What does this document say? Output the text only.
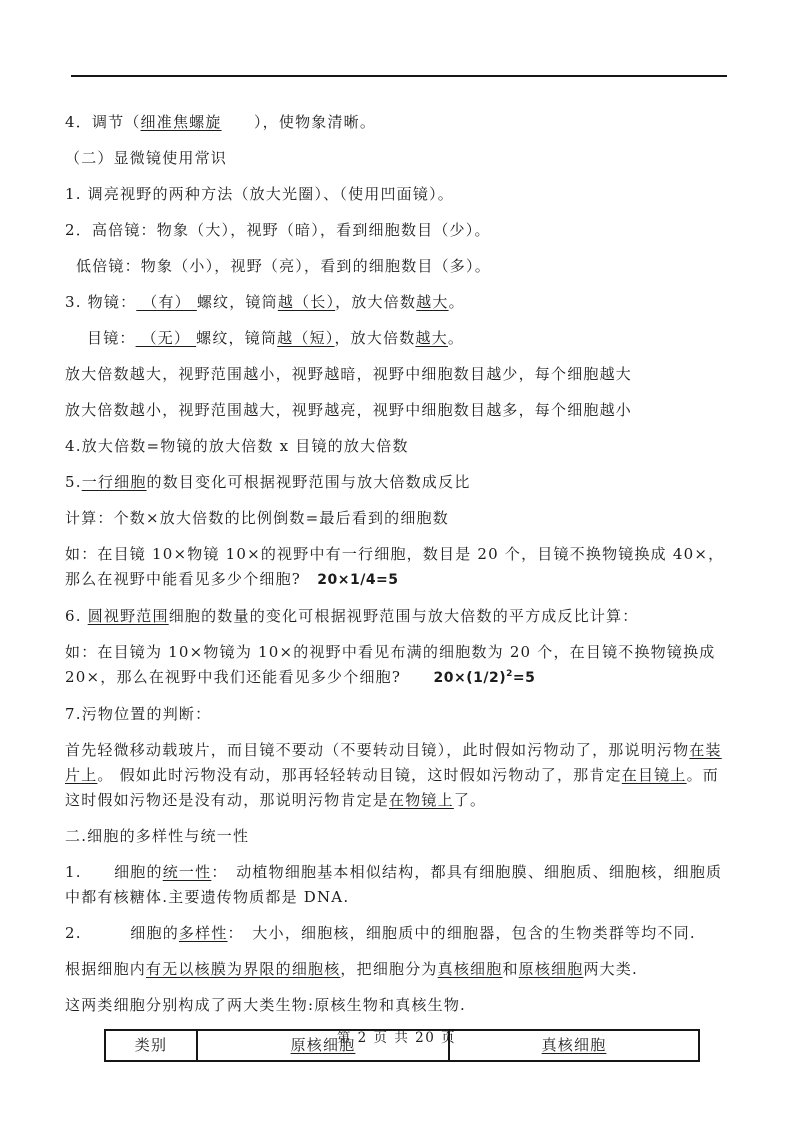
4．调节（细准焦螺旋　　），使物象清晰。

（二）显微镜使用常识

1. 调亮视野的两种方法（放大光圈）、（使用凹面镜）。

2．高倍镜：物象（大），视野（暗），看到细胞数目（少）。

低倍镜：物象（小），视野（亮），看到的细胞数目（多）。

3. 物镜： （有） 螺纹，镜筒越（长），放大倍数越大。

目镜： （无） 螺纹，镜筒越（短），放大倍数越大。

放大倍数越大，视野范围越小，视野越暗，视野中细胞数目越少，每个细胞越大

放大倍数越小，视野范围越大，视野越亮，视野中细胞数目越多，每个细胞越小

4.放大倍数=物镜的放大倍数 x 目镜的放大倍数

5.一行细胞的数目变化可根据视野范围与放大倍数成反比

计算：个数×放大倍数的比例倒数=最后看到的细胞数

如：在目镜 10×物镜 10×的视野中有一行细胞，数目是 20 个，目镜不换物镜换成 40×，那么在视野中能看见多少个细胞?　20×1/4=5

6. 圆视野范围细胞的数量的变化可根据视野范围与放大倍数的平方成反比计算：

如：在目镜为 10×物镜为 10×的视野中看见布满的细胞数为 20 个，在目镜不换物镜换成 20×，那么在视野中我们还能看见多少个细胞?　　$20\times(1/2)^2=5$

7.污物位置的判断：

首先轻微移动载玻片，而目镜不要动（不要转动目镜），此时假如污物动了，那说明污物在装片上。 假如此时污物没有动，那再轻轻转动目镜，这时假如污物动了，那肯定在目镜上。而这时假如污物还是没有动，那说明污物肯定是在物镜上了。

二.细胞的多样性与统一性

1.　　细胞的统一性：　动植物细胞基本相似结构，都具有细胞膜、细胞质、细胞核，细胞质中都有核糖体.主要遗传物质都是 DNA.

2.　　　细胞的多样性：　大小，细胞核，细胞质中的细胞器，包含的生物类群等均不同.

根据细胞内有无以核膜为界限的细胞核，把细胞分为真核细胞和原核细胞两大类.

这两类细胞分别构成了两大类生物:原核生物和真核生物.

类别	原核细胞	真核细胞
第 2 页 共 20 页
